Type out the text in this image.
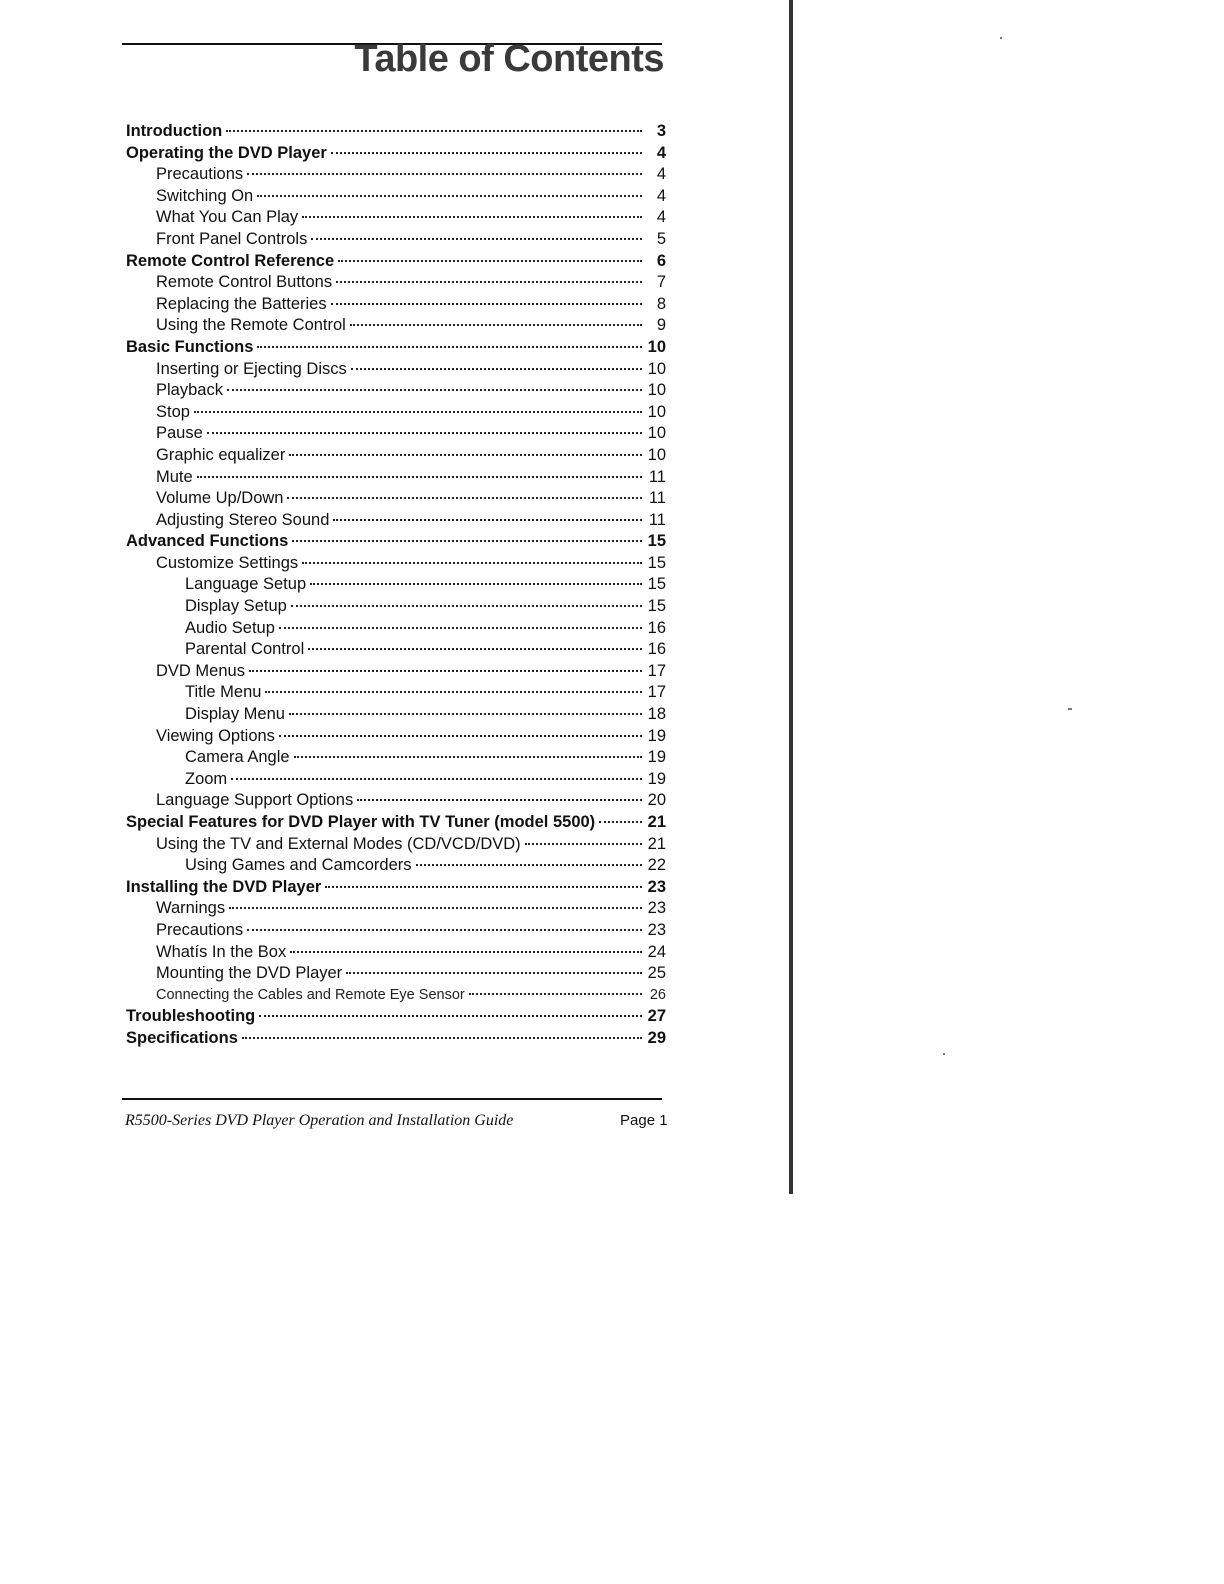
Table of Contents
Introduction	3
Operating the DVD Player	4
Precautions	4
Switching On	4
What You Can Play	4
Front Panel Controls	5
Remote Control Reference	6
Remote Control Buttons	7
Replacing the Batteries	8
Using the Remote Control	9
Basic Functions	10
Inserting or Ejecting Discs	10
Playback	10
Stop	10
Pause	10
Graphic equalizer	10
Mute	11
Volume Up/Down	11
Adjusting Stereo Sound	11
Advanced Functions	15
Customize Settings	15
Language Setup	15
Display Setup	15
Audio Setup	16
Parental Control	16
DVD Menus	17
Title Menu	17
Display Menu	18
Viewing Options	19
Camera Angle	19
Zoom	19
Language Support Options	20
Special Features for DVD Player with TV Tuner (model 5500)	21
Using the TV and External Modes (CD/VCD/DVD)	21
Using Games and Camcorders	22
Installing the DVD Player	23
Warnings	23
Precautions	23
Whatís In the Box	24
Mounting the DVD Player	25
Connecting the Cables and Remote Eye Sensor	26
Troubleshooting	27
Specifications	29
R5500-Series DVD Player Operation and Installation Guide	Page 1
